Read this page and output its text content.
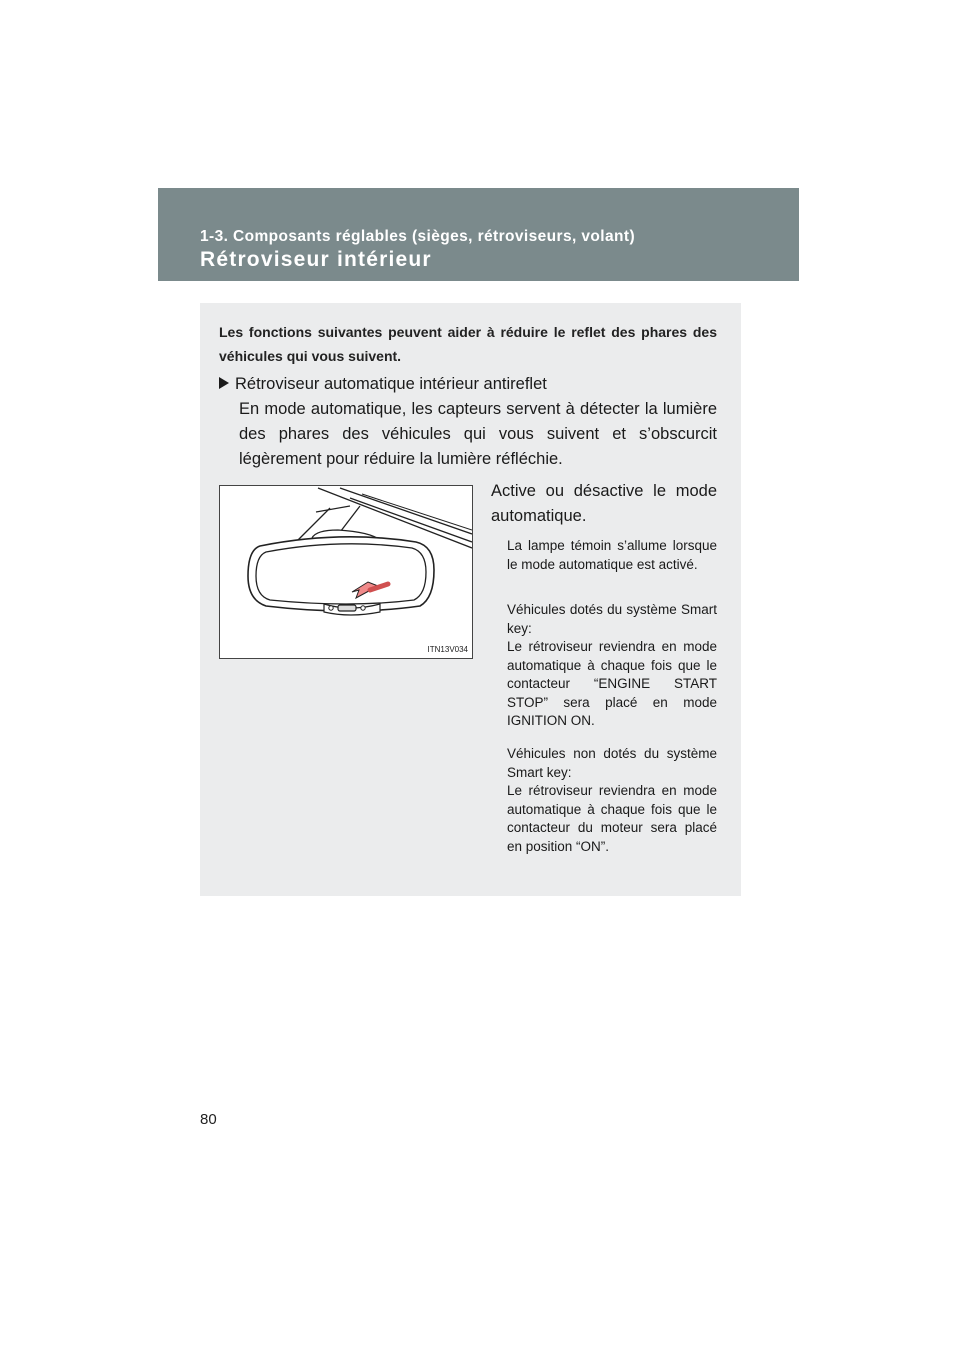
1-3. Composants réglables (sièges, rétroviseurs, volant)
Rétroviseur intérieur
Les fonctions suivantes peuvent aider à réduire le reflet des phares des véhicules qui vous suivent.
Rétroviseur automatique intérieur antireflet
En mode automatique, les capteurs servent à détecter la lumière des phares des véhicules qui vous suivent et s’obscurcit légèrement pour réduire la lumière réfléchie.
ITN13V034
Active ou désactive le mode automatique.
La lampe témoin s’allume lorsque le mode automatique est activé.
Véhicules dotés du système Smart key:
Le rétroviseur reviendra en mode automatique à chaque fois que le contacteur “ENGINE START STOP” sera placé en mode IGNITION ON.
Véhicules non dotés du système Smart key:
Le rétroviseur reviendra en mode automatique à chaque fois que le contacteur du moteur sera placé en position “ON”.
80
